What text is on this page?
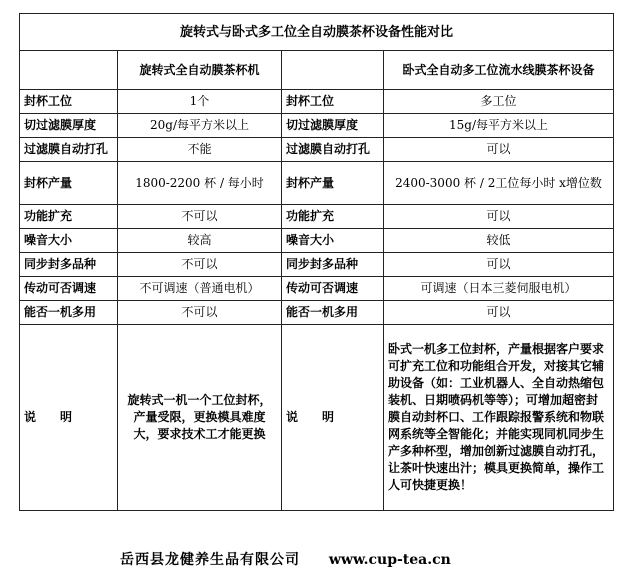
旋转式与卧式多工位全自动膜茶杯设备性能对比			
	旋转式全自动膜茶杯机		卧式全自动多工位流水线膜茶杯设备
封杯工位	1个	封杯工位	多工位
切过滤膜厚度	20g/每平方米以上	切过滤膜厚度	15g/每平方米以上
过滤膜自动打孔	不能	过滤膜自动打孔	可以
封杯产量	1800-2200 杯 / 每小时	封杯产量	2400-3000 杯 / 2工位每小时 x增位数
功能扩充	不可以	功能扩充	可以
噪音大小	较高	噪音大小	较低
同步封多品种	不可以	同步封多品种	可以
传动可否调速	不可调速（普通电机）	传动可否调速	可调速（日本三菱伺服电机）
能否一机多用	不可以	能否一机多用	可以
说　　明	旋转式一机一个工位封杯，产量受限，更换模具难度大，要求技术工才能更换	说　　明	卧式一机多工位封杯，产量根据客户要求可扩充工位和功能组合开发，对接其它辅助设备（如：工业机器人、全自动热缩包装机、日期喷码机等等）；可增加超密封膜自动封杯口、工作跟踪报警系统和物联网系统等全智能化；并能实现同机同步生产多种杯型，增加创新过滤膜自动打孔，让茶叶快速出汁；模具更换简单，操作工人可快捷更换！
岳西县龙健养生品有限公司 www.cup-tea.cn
